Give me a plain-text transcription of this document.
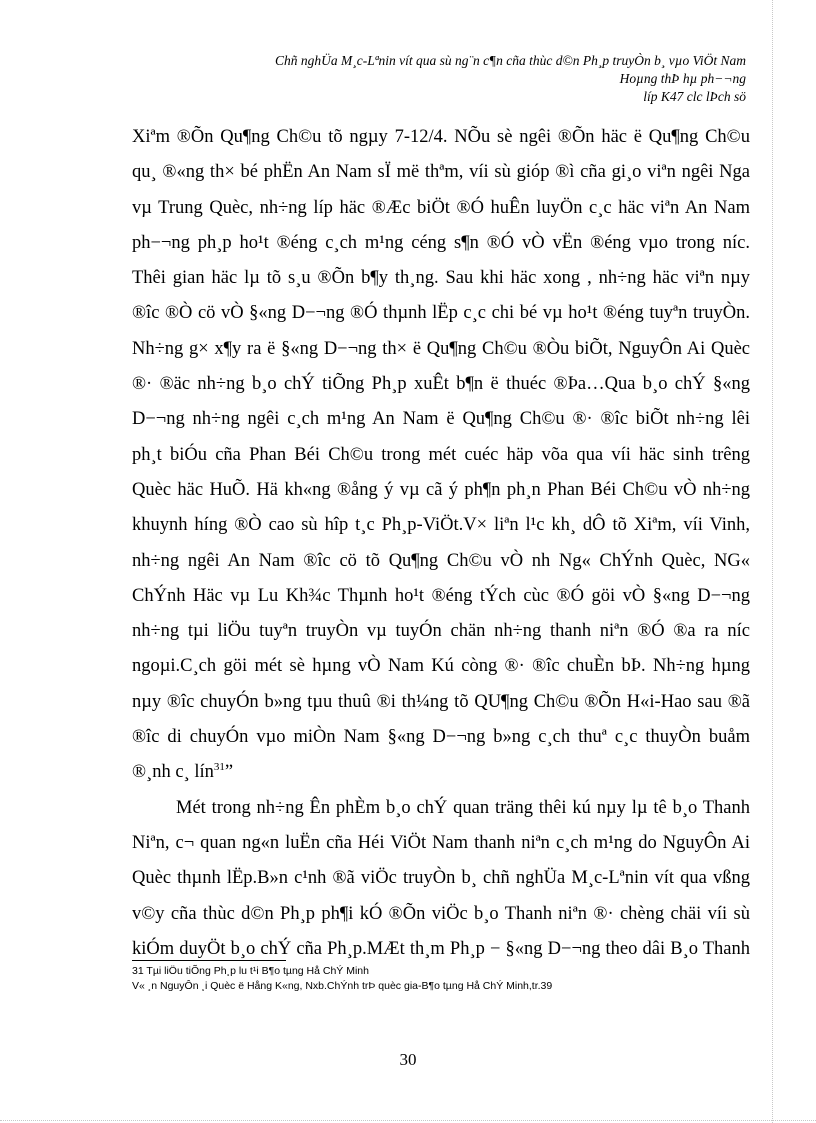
Chñ nghÜa M¸c-Lªnin vít qua sù ng¨n c¶n cña thùc d©n Ph¸p truyÒn b¸ vµo ViÖt Nam
Hoµng thÞ hµ ph−¬ng
líp K47 clc lÞch sö
Xiªm ®Õn Qu¶ng Ch©u tõ ngµy 7-12/4. NÕu sè ngêi ®Õn häc ë Qu¶ng Ch©u
qu¸ ®«ng th× bé phËn An Nam sÏ më thªm, víi sù gióp ®ì cña gi¸o viªn ngêi Nga
vµ Trung Quèc, nh÷ng líp häc ®Æc biÖt ®Ó huÊn luyÖn c¸c häc viªn An Nam
ph−¬ng ph¸p ho¹t ®éng c¸ch m¹ng céng s¶n ®Ó vÒ vËn ®éng vµo trong níc.
Thêi gian häc lµ tõ s¸u ®Õn b¶y th¸ng. Sau khi häc xong , nh÷ng häc viªn nµy
®îc ®Ò cö vÒ §«ng D−¬ng ®Ó thµnh lËp c¸c chi bé vµ ho¹t ®éng tuyªn truyÒn.
Nh÷ng g× x¶y ra ë §«ng D−¬ng th× ë Qu¶ng Ch©u ®Òu biÕt, NguyÔn Ai Quèc
®· ®äc nh÷ng b¸o chÝ tiÕng Ph¸p xuÊt b¶n ë thuéc ®Þa…Qua b¸o chÝ §«ng
D−¬ng nh÷ng ngêi c¸ch m¹ng An Nam ë Qu¶ng Ch©u ®· ®îc biÕt nh÷ng lêi
ph¸t biÓu cña Phan Béi Ch©u trong mét cuéc häp võa qua víi häc sinh trêng
Quèc häc HuÕ. Hä kh«ng ®ång ý vµ cã ý ph¶n ph¸n Phan Béi Ch©u vÒ nh÷ng
khuynh híng ®Ò cao sù hîp t¸c Ph¸p-ViÖt.V× liªn l¹c kh¸ dÔ tõ Xiªm, víi Vinh,
nh÷ng ngêi An Nam ®îc cö tõ Qu¶ng Ch©u vÒ nh Ng« ChÝnh Quèc, NG«
ChÝnh Häc vµ Lu Kh¾c Thµnh ho¹t ®éng tÝch cùc ®Ó göi vÒ §«ng D−¬ng
nh÷ng tµi liÖu tuyªn truyÒn vµ tuyÓn chän nh÷ng thanh niªn ®Ó ®a ra níc
ngoµi.C¸ch göi mét sè hµng vÒ Nam Kú còng ®· ®îc chuÈn bÞ. Nh÷ng hµng
nµy ®îc chuyÓn b»ng tµu thuû ®i th¼ng tõ QU¶ng Ch©u ®Õn H«i-Hao sau ®ã
®îc di chuyÓn vµo miÒn Nam §«ng D−¬ng b»ng c¸ch thuª c¸c thuyÒn buåm
®¸nh c¸ lín$^{31}$”
Mét trong nh÷ng Ên phÈm b¸o chÝ quan träng thêi kú nµy lµ tê b¸o Thanh
Niªn, c¬ quan ng«n luËn cña Héi ViÖt Nam thanh niªn c¸ch m¹ng do NguyÔn Ai
Quèc thµnh lËp.B»n c¹nh ®ã viÖc truyÒn b¸ chñ nghÜa M¸c-Lªnin vít qua vßng
v©y cña thùc d©n Ph¸p ph¶i kÓ ®Õn viÖc b¸o Thanh niªn ®· chèng chäi víi sù
kiÓm duyÖt b¸o chÝ cña Ph¸p.MÆt th¸m Ph¸p − §«ng D−¬ng theo dâi B¸o Thanh
31 Tµi liÖu tiÕng Ph¸p lu t¹i B¶o tµng Hå ChÝ Minh
V« ¸n NguyÔn ¸i Quèc ë Hång K«ng, Nxb.ChÝnh trÞ quèc gia-B¶o tµng Hå ChÝ Minh,tr.39
30
